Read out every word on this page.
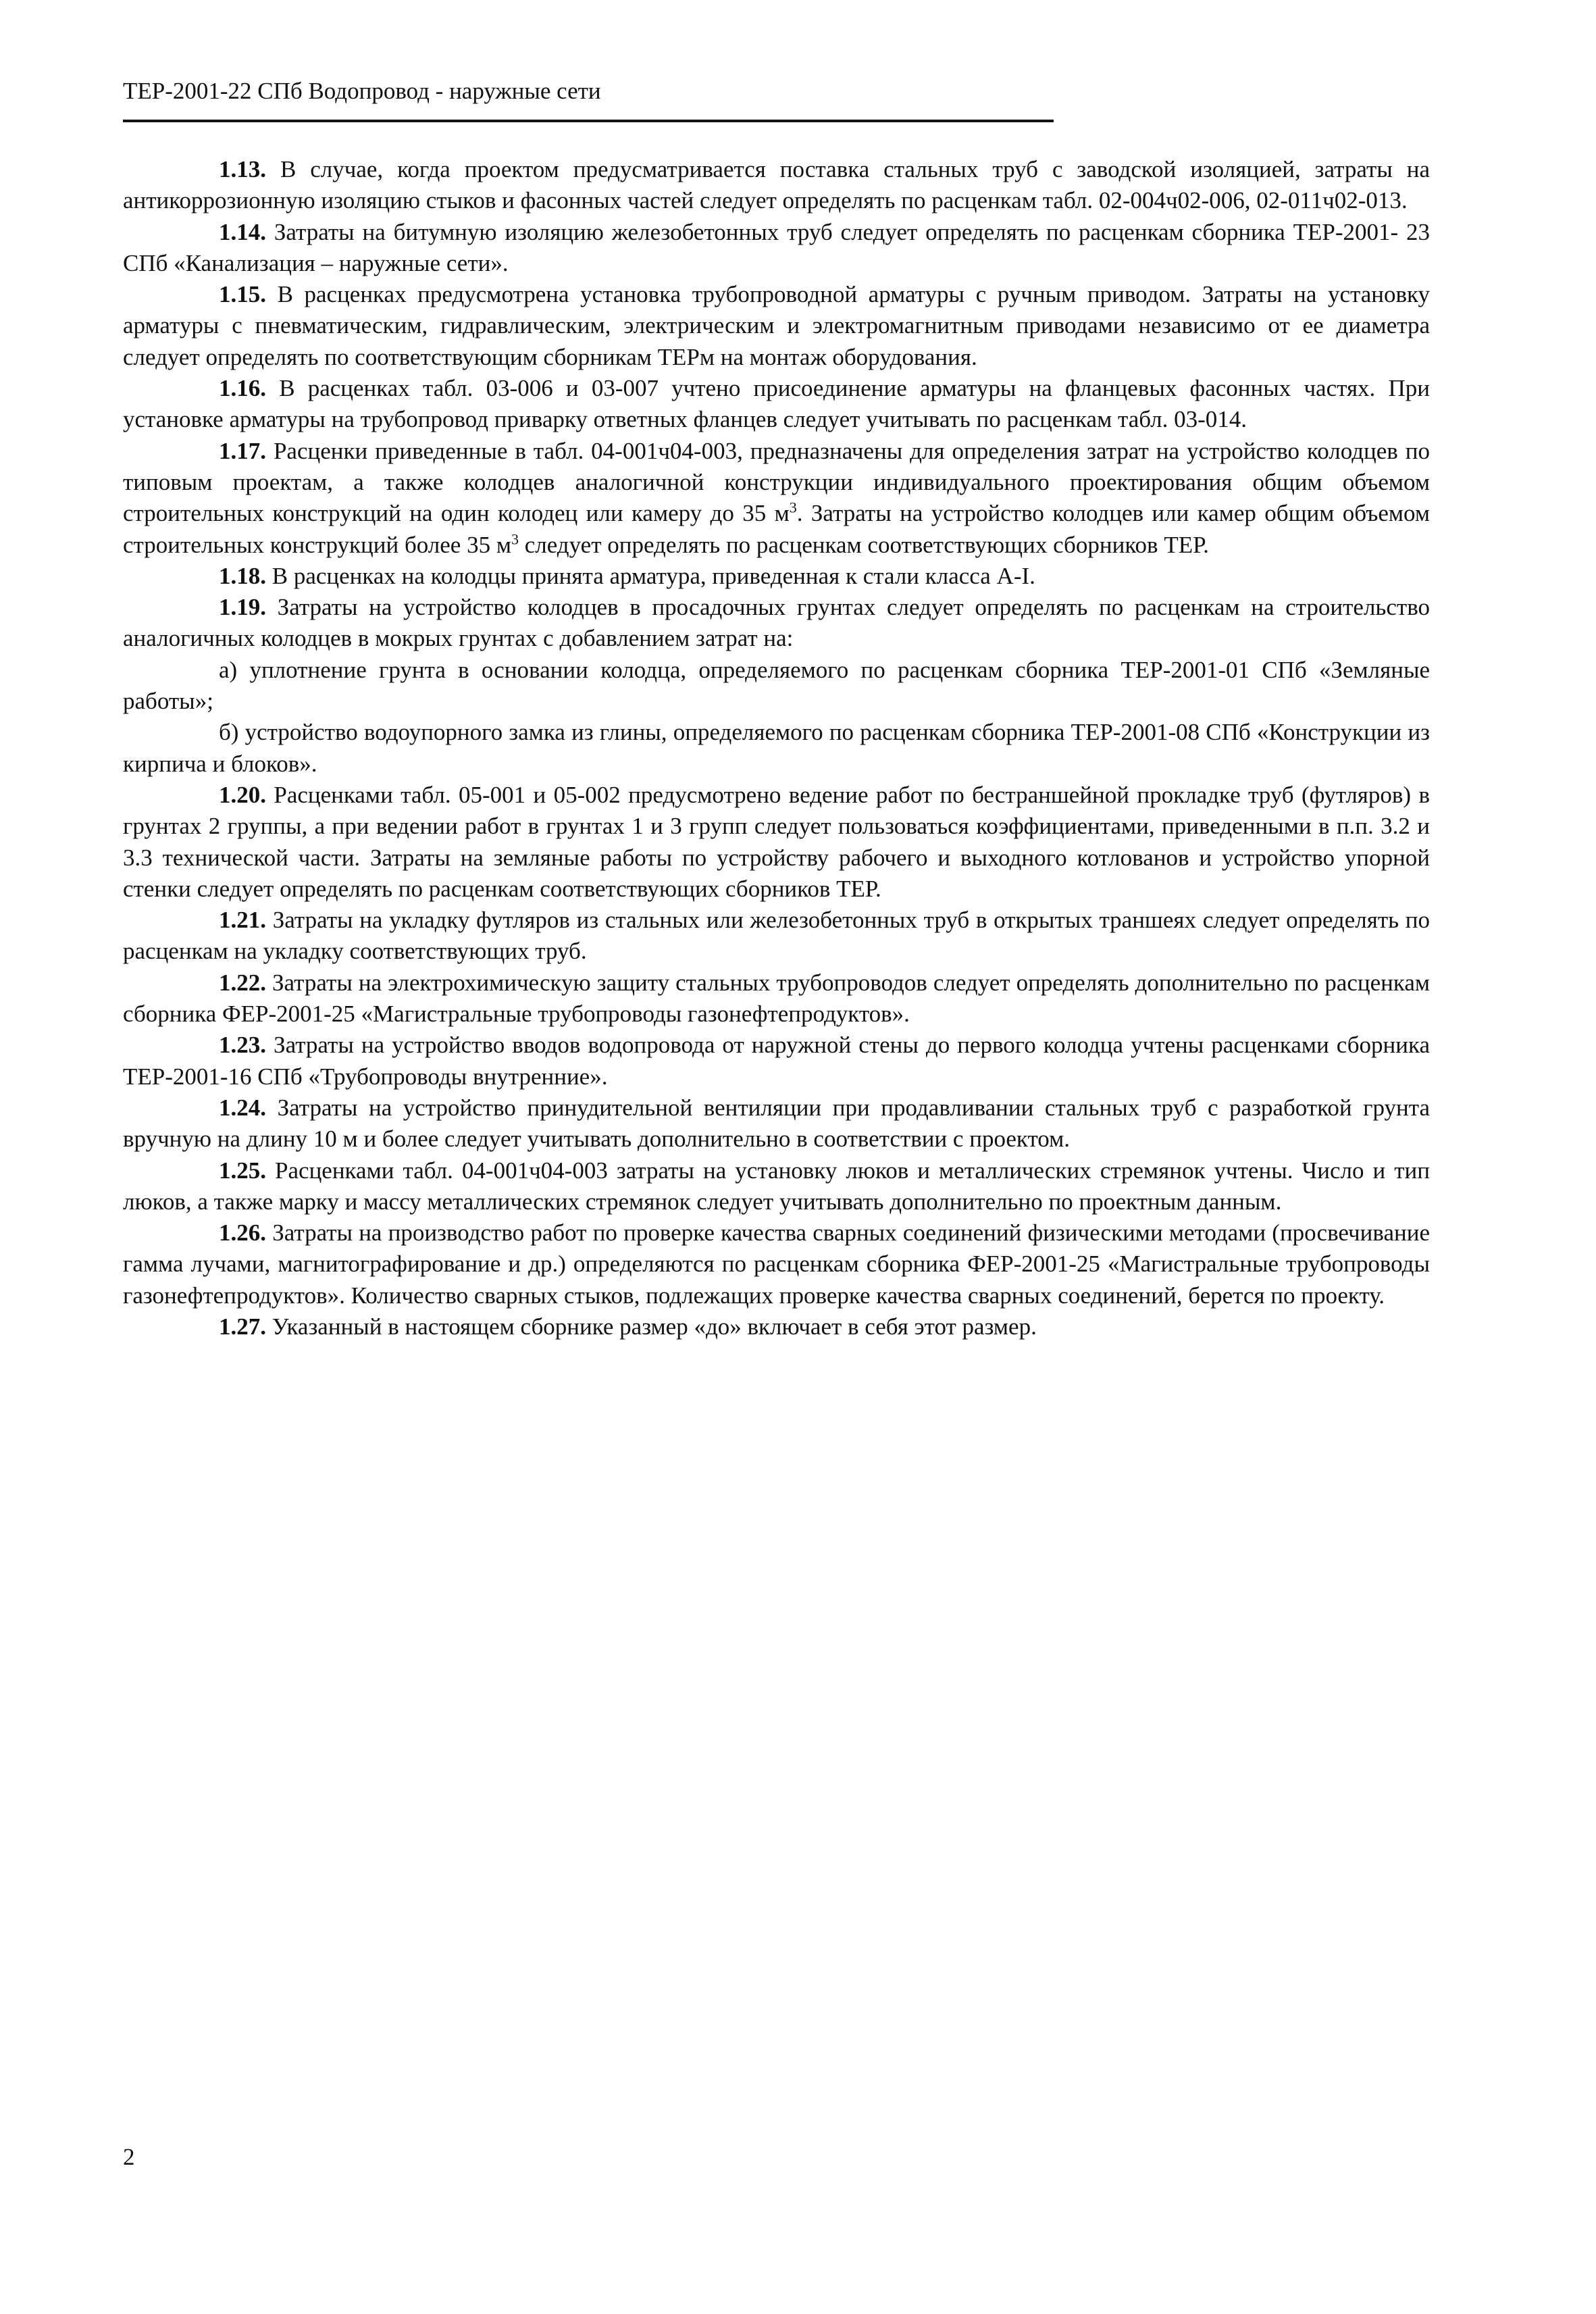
ТЕР-2001-22 СПб Водопровод - наружные сети

1.13. В случае, когда проектом предусматривается поставка стальных труб с заводской изоляцией, затраты на антикоррозионную изоляцию стыков и фасонных частей следует определять по расценкам табл. 02-004ч02-006, 02-011ч02-013.

1.14. Затраты на битумную изоляцию железобетонных труб следует определять по расценкам сборника ТЕР-2001- 23 СПб «Канализация – наружные сети».

1.15. В расценках предусмотрена установка трубопроводной арматуры с ручным приводом. Затраты на установку арматуры с пневматическим, гидравлическим, электрическим и электромагнитным приводами независимо от ее диаметра следует определять по соответствующим сборникам ТЕРм на монтаж оборудования.

1.16. В расценках табл. 03-006 и 03-007 учтено присоединение арматуры на фланцевых фасонных частях. При установке арматуры на трубопровод приварку ответных фланцев следует учитывать по расценкам табл. 03-014.

1.17. Расценки приведенные в табл. 04-001ч04-003, предназначены для определения затрат на устройство колодцев по типовым проектам, а также колодцев аналогичной конструкции индивидуального проектирования общим объемом строительных конструкций на один колодец или камеру до 35 $м^3$. Затраты на устройство колодцев или камер общим объемом строительных конструкций более 35 $м^3$ следует определять по расценкам соответствующих сборников ТЕР.

1.18. В расценках на колодцы принята арматура, приведенная к стали класса А-I.

1.19. Затраты на устройство колодцев в просадочных грунтах следует определять по расценкам на строительство аналогичных колодцев в мокрых грунтах с добавлением затрат на:

а) уплотнение грунта в основании колодца, определяемого по расценкам сборника ТЕР-2001-01 СПб «Земляные работы»;

б) устройство водоупорного замка из глины, определяемого по расценкам сборника ТЕР-2001-08 СПб «Конструкции из кирпича и блоков».

1.20. Расценками табл. 05-001 и 05-002 предусмотрено ведение работ по бестраншейной прокладке труб (футляров) в грунтах 2 группы, а при ведении работ в грунтах 1 и 3 групп следует пользоваться коэффициентами, приведенными в п.п. 3.2 и 3.3 технической части. Затраты на земляные работы по устройству рабочего и выходного котлованов и устройство упорной стенки следует определять по расценкам соответствующих сборников ТЕР.

1.21. Затраты на укладку футляров из стальных или железобетонных труб в открытых траншеях следует определять по расценкам на укладку соответствующих труб.

1.22. Затраты на электрохимическую защиту стальных трубопроводов следует определять дополнительно по расценкам сборника ФЕР-2001-25 «Магистральные трубопроводы газонефтепродуктов».

1.23. Затраты на устройство вводов водопровода от наружной стены до первого колодца учтены расценками сборника ТЕР-2001-16 СПб «Трубопроводы внутренние».

1.24. Затраты на устройство принудительной вентиляции при продавливании стальных труб с разработкой грунта вручную на длину 10 м и более следует учитывать дополнительно в соответствии с проектом.

1.25. Расценками табл. 04-001ч04-003 затраты на установку люков и металлических стремянок учтены. Число и тип люков, а также марку и массу металлических стремянок следует учитывать дополнительно по проектным данным.

1.26. Затраты на производство работ по проверке качества сварных соединений физическими методами (просвечивание гамма лучами, магнитографирование и др.) определяются по расценкам сборника ФЕР-2001-25 «Магистральные трубопроводы газонефтепродуктов». Количество сварных стыков, подлежащих проверке качества сварных соединений, берется по проекту.

1.27. Указанный в настоящем сборнике размер «до» включает в себя этот размер.

2
